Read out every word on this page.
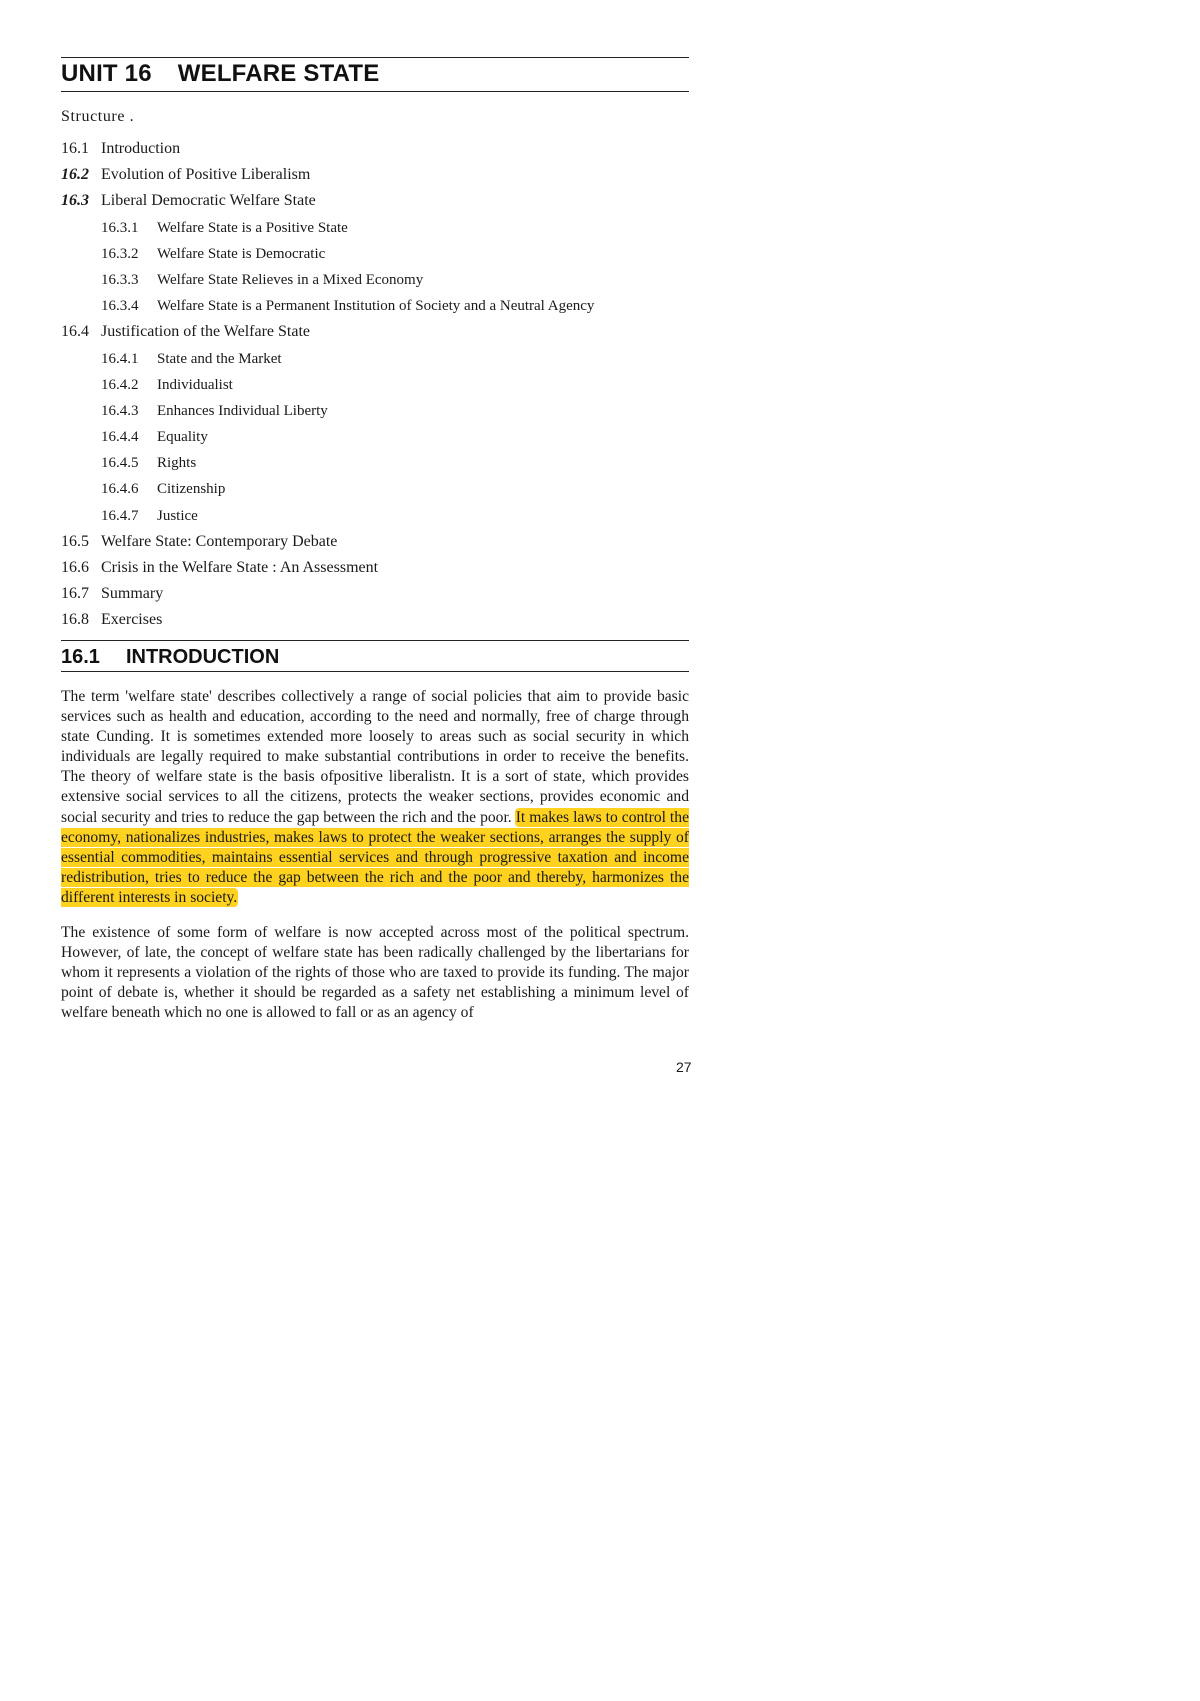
UNIT 16 WELFARE STATE
Structure .
16.1 Introduction
16.2 Evolution of Positive Liberalism
16.3 Liberal Democratic Welfare State
16.3.1 Welfare State is a Positive State
16.3.2 Welfare State is Democratic
16.3.3 Welfare State Relieves in a Mixed Economy
16.3.4 Welfare State is a Permanent Institution of Society and a Neutral Agency
16.4 Justification of the Welfare State
16.4.1 State and the Market
16.4.2 Individualist
16.4.3 Enhances Individual Liberty
16.4.4 Equality
16.4.5 Rights
16.4.6 Citizenship
16.4.7 Justice
16.5 Welfare State: Contemporary Debate
16.6 Crisis in the Welfare State : An Assessment
16.7 Summary
16.8 Exercises
16.1 INTRODUCTION

The term 'welfare state' describes collectively a range of social policies that aim to provide basic services such as health and education, according to the need and normally, free of charge through state Cunding. It is sometimes extended more loosely to areas such as social security in which individuals are legally required to make substantial contributions in order to receive the benefits. The theory of welfare state is the basis ofpositive liberalistn. It is a sort of state, which provides extensive social services to all the citizens, protects the weaker sections, provides economic and social security and tries to reduce the gap between the rich and the poor. It makes laws to control the economy, nationalizes industries, makes laws to protect the weaker sections, arranges the supply of essential commodities, maintains essential services and through progressive taxation and income redistribution, tries to reduce the gap between the rich and the poor and thereby, harmonizes the different interests in society.

The existence of some form of welfare is now accepted across most of the political spectrum. However, of late, the concept of welfare state has been radically challenged by the libertarians for whom it represents a violation of the rights of those who are taxed to provide its funding. The major point of debate is, whether it should be regarded as a safety net establishing a minimum level of welfare beneath which no one is allowed to fall or as an agency of

27
